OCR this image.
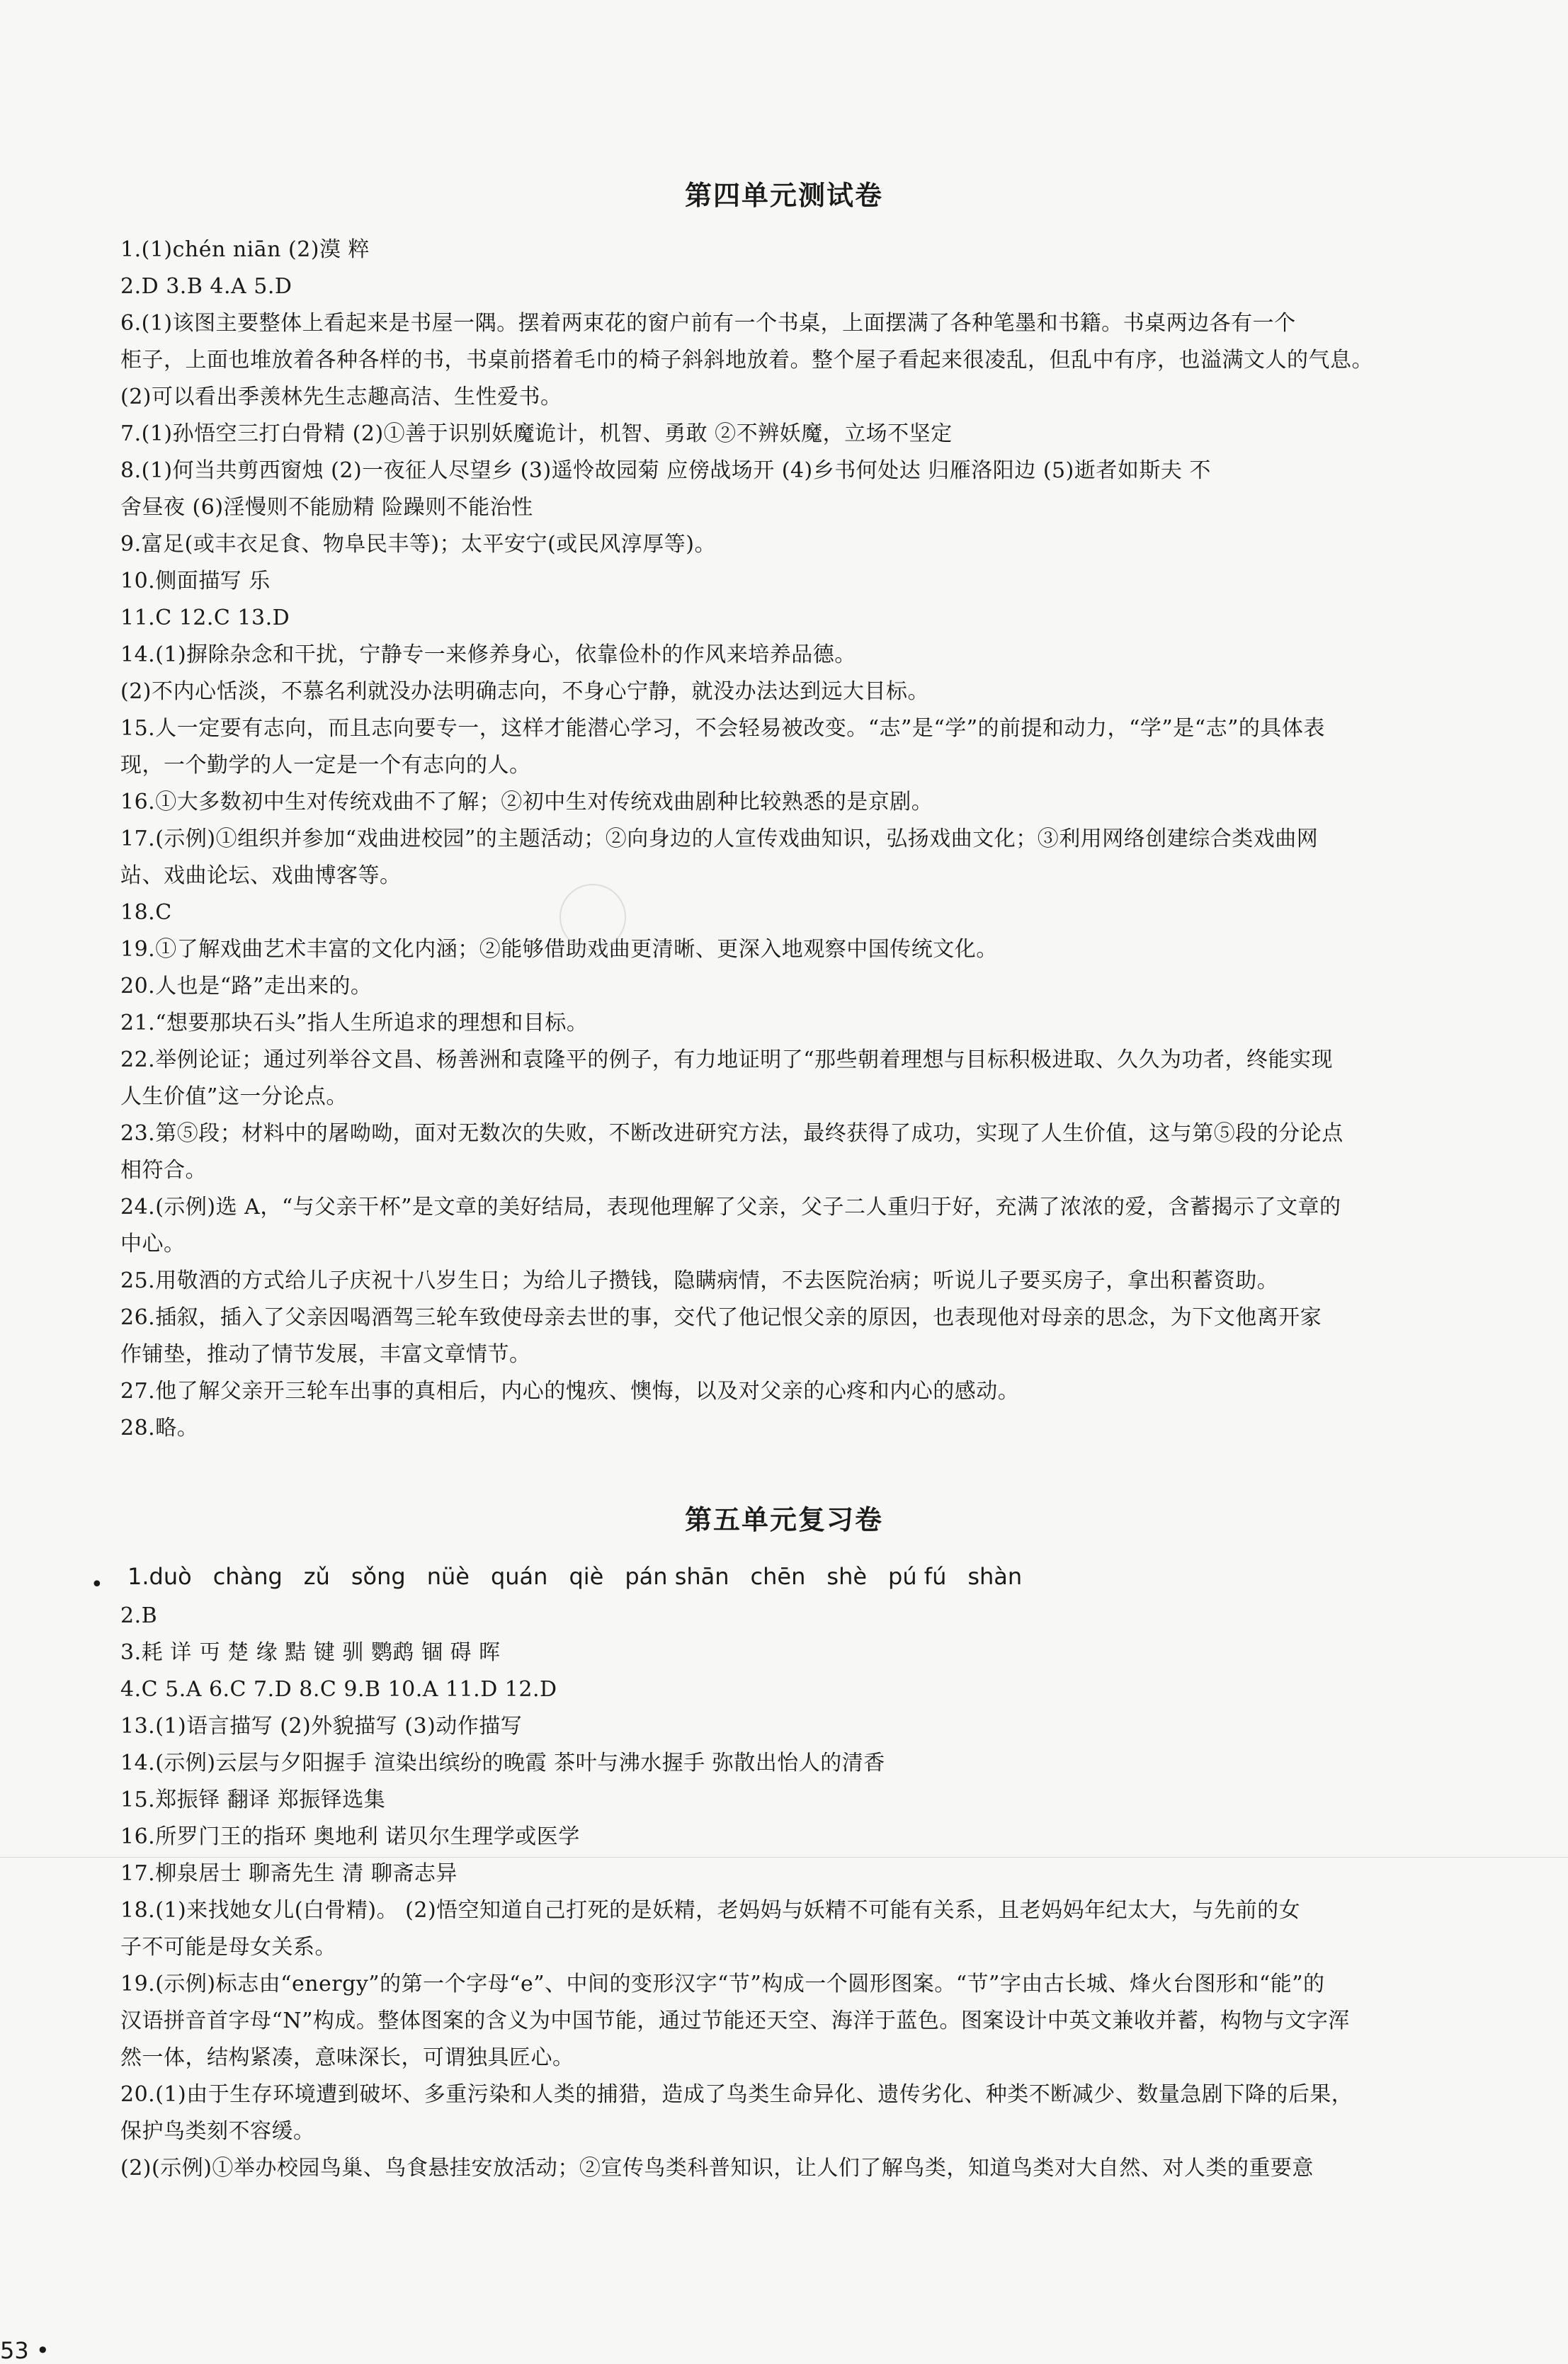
第四单元测试卷
1.(1)chén niān (2)漠 粹
2.D 3.B 4.A 5.D
6.(1)该图主要整体上看起来是书屋一隅。摆着两束花的窗户前有一个书桌，上面摆满了各种笔墨和书籍。书桌两边各有一个
柜子，上面也堆放着各种各样的书，书桌前搭着毛巾的椅子斜斜地放着。整个屋子看起来很凌乱，但乱中有序，也溢满文人的气息。
(2)可以看出季羡林先生志趣高洁、生性爱书。
7.(1)孙悟空三打白骨精 (2)①善于识别妖魔诡计，机智、勇敢 ②不辨妖魔，立场不坚定
8.(1)何当共剪西窗烛 (2)一夜征人尽望乡 (3)遥怜故园菊 应傍战场开 (4)乡书何处达 归雁洛阳边 (5)逝者如斯夫 不
舍昼夜 (6)淫慢则不能励精 险躁则不能治性
9.富足(或丰衣足食、物阜民丰等)；太平安宁(或民风淳厚等)。
10.侧面描写 乐
11.C 12.C 13.D
14.(1)摒除杂念和干扰，宁静专一来修养身心，依靠俭朴的作风来培养品德。
(2)不内心恬淡，不慕名利就没办法明确志向，不身心宁静，就没办法达到远大目标。
15.人一定要有志向，而且志向要专一，这样才能潜心学习，不会轻易被改变。“志”是“学”的前提和动力，“学”是“志”的具体表
现，一个勤学的人一定是一个有志向的人。
16.①大多数初中生对传统戏曲不了解；②初中生对传统戏曲剧种比较熟悉的是京剧。
17.(示例)①组织并参加“戏曲进校园”的主题活动；②向身边的人宣传戏曲知识，弘扬戏曲文化；③利用网络创建综合类戏曲网
站、戏曲论坛、戏曲博客等。
18.C
19.①了解戏曲艺术丰富的文化内涵；②能够借助戏曲更清晰、更深入地观察中国传统文化。
20.人也是“路”走出来的。
21.“想要那块石头”指人生所追求的理想和目标。
22.举例论证；通过列举谷文昌、杨善洲和袁隆平的例子，有力地证明了“那些朝着理想与目标积极进取、久久为功者，终能实现
人生价值”这一分论点。
23.第⑤段；材料中的屠呦呦，面对无数次的失败，不断改进研究方法，最终获得了成功，实现了人生价值，这与第⑤段的分论点
相符合。
24.(示例)选 A，“与父亲干杯”是文章的美好结局，表现他理解了父亲，父子二人重归于好，充满了浓浓的爱，含蓄揭示了文章的
中心。
25.用敬酒的方式给儿子庆祝十八岁生日；为给儿子攒钱，隐瞒病情，不去医院治病；听说儿子要买房子，拿出积蓄资助。
26.插叙，插入了父亲因喝酒驾三轮车致使母亲去世的事，交代了他记恨父亲的原因，也表现他对母亲的思念，为下文他离开家
作铺垫，推动了情节发展，丰富文章情节。
27.他了解父亲开三轮车出事的真相后，内心的愧疚、懊悔，以及对父亲的心疼和内心的感动。
28.略。
第五单元复习卷
• 1.duò chàng zǔ sǒng nüè quán qiè pán shān chēn shè pú fú shàn
2.B
3.耗 详 丏 楚 缘 黠 键 驯 鹦鹉 锢 碍 晖
4.C 5.A 6.C 7.D 8.C 9.B 10.A 11.D 12.D
13.(1)语言描写 (2)外貌描写 (3)动作描写
14.(示例)云层与夕阳握手 渲染出缤纷的晚霞 茶叶与沸水握手 弥散出怡人的清香
15.郑振铎 翻译 郑振铎选集
16.所罗门王的指环 奥地利 诺贝尔生理学或医学
17.柳泉居士 聊斋先生 清 聊斋志异
18.(1)来找她女儿(白骨精)。 (2)悟空知道自己打死的是妖精，老妈妈与妖精不可能有关系，且老妈妈年纪太大，与先前的女
子不可能是母女关系。
19.(示例)标志由“energy”的第一个字母“e”、中间的变形汉字“节”构成一个圆形图案。“节”字由古长城、烽火台图形和“能”的
汉语拼音首字母“N”构成。整体图案的含义为中国节能，通过节能还天空、海洋于蓝色。图案设计中英文兼收并蓄，构物与文字浑
然一体，结构紧凑，意味深长，可谓独具匠心。
20.(1)由于生存环境遭到破坏、多重污染和人类的捕猎，造成了鸟类生命异化、遗传劣化、种类不断减少、数量急剧下降的后果，
保护鸟类刻不容缓。
(2)(示例)①举办校园鸟巢、鸟食悬挂安放活动；②宣传鸟类科普知识，让人们了解鸟类，知道鸟类对大自然、对人类的重要意
53 •
